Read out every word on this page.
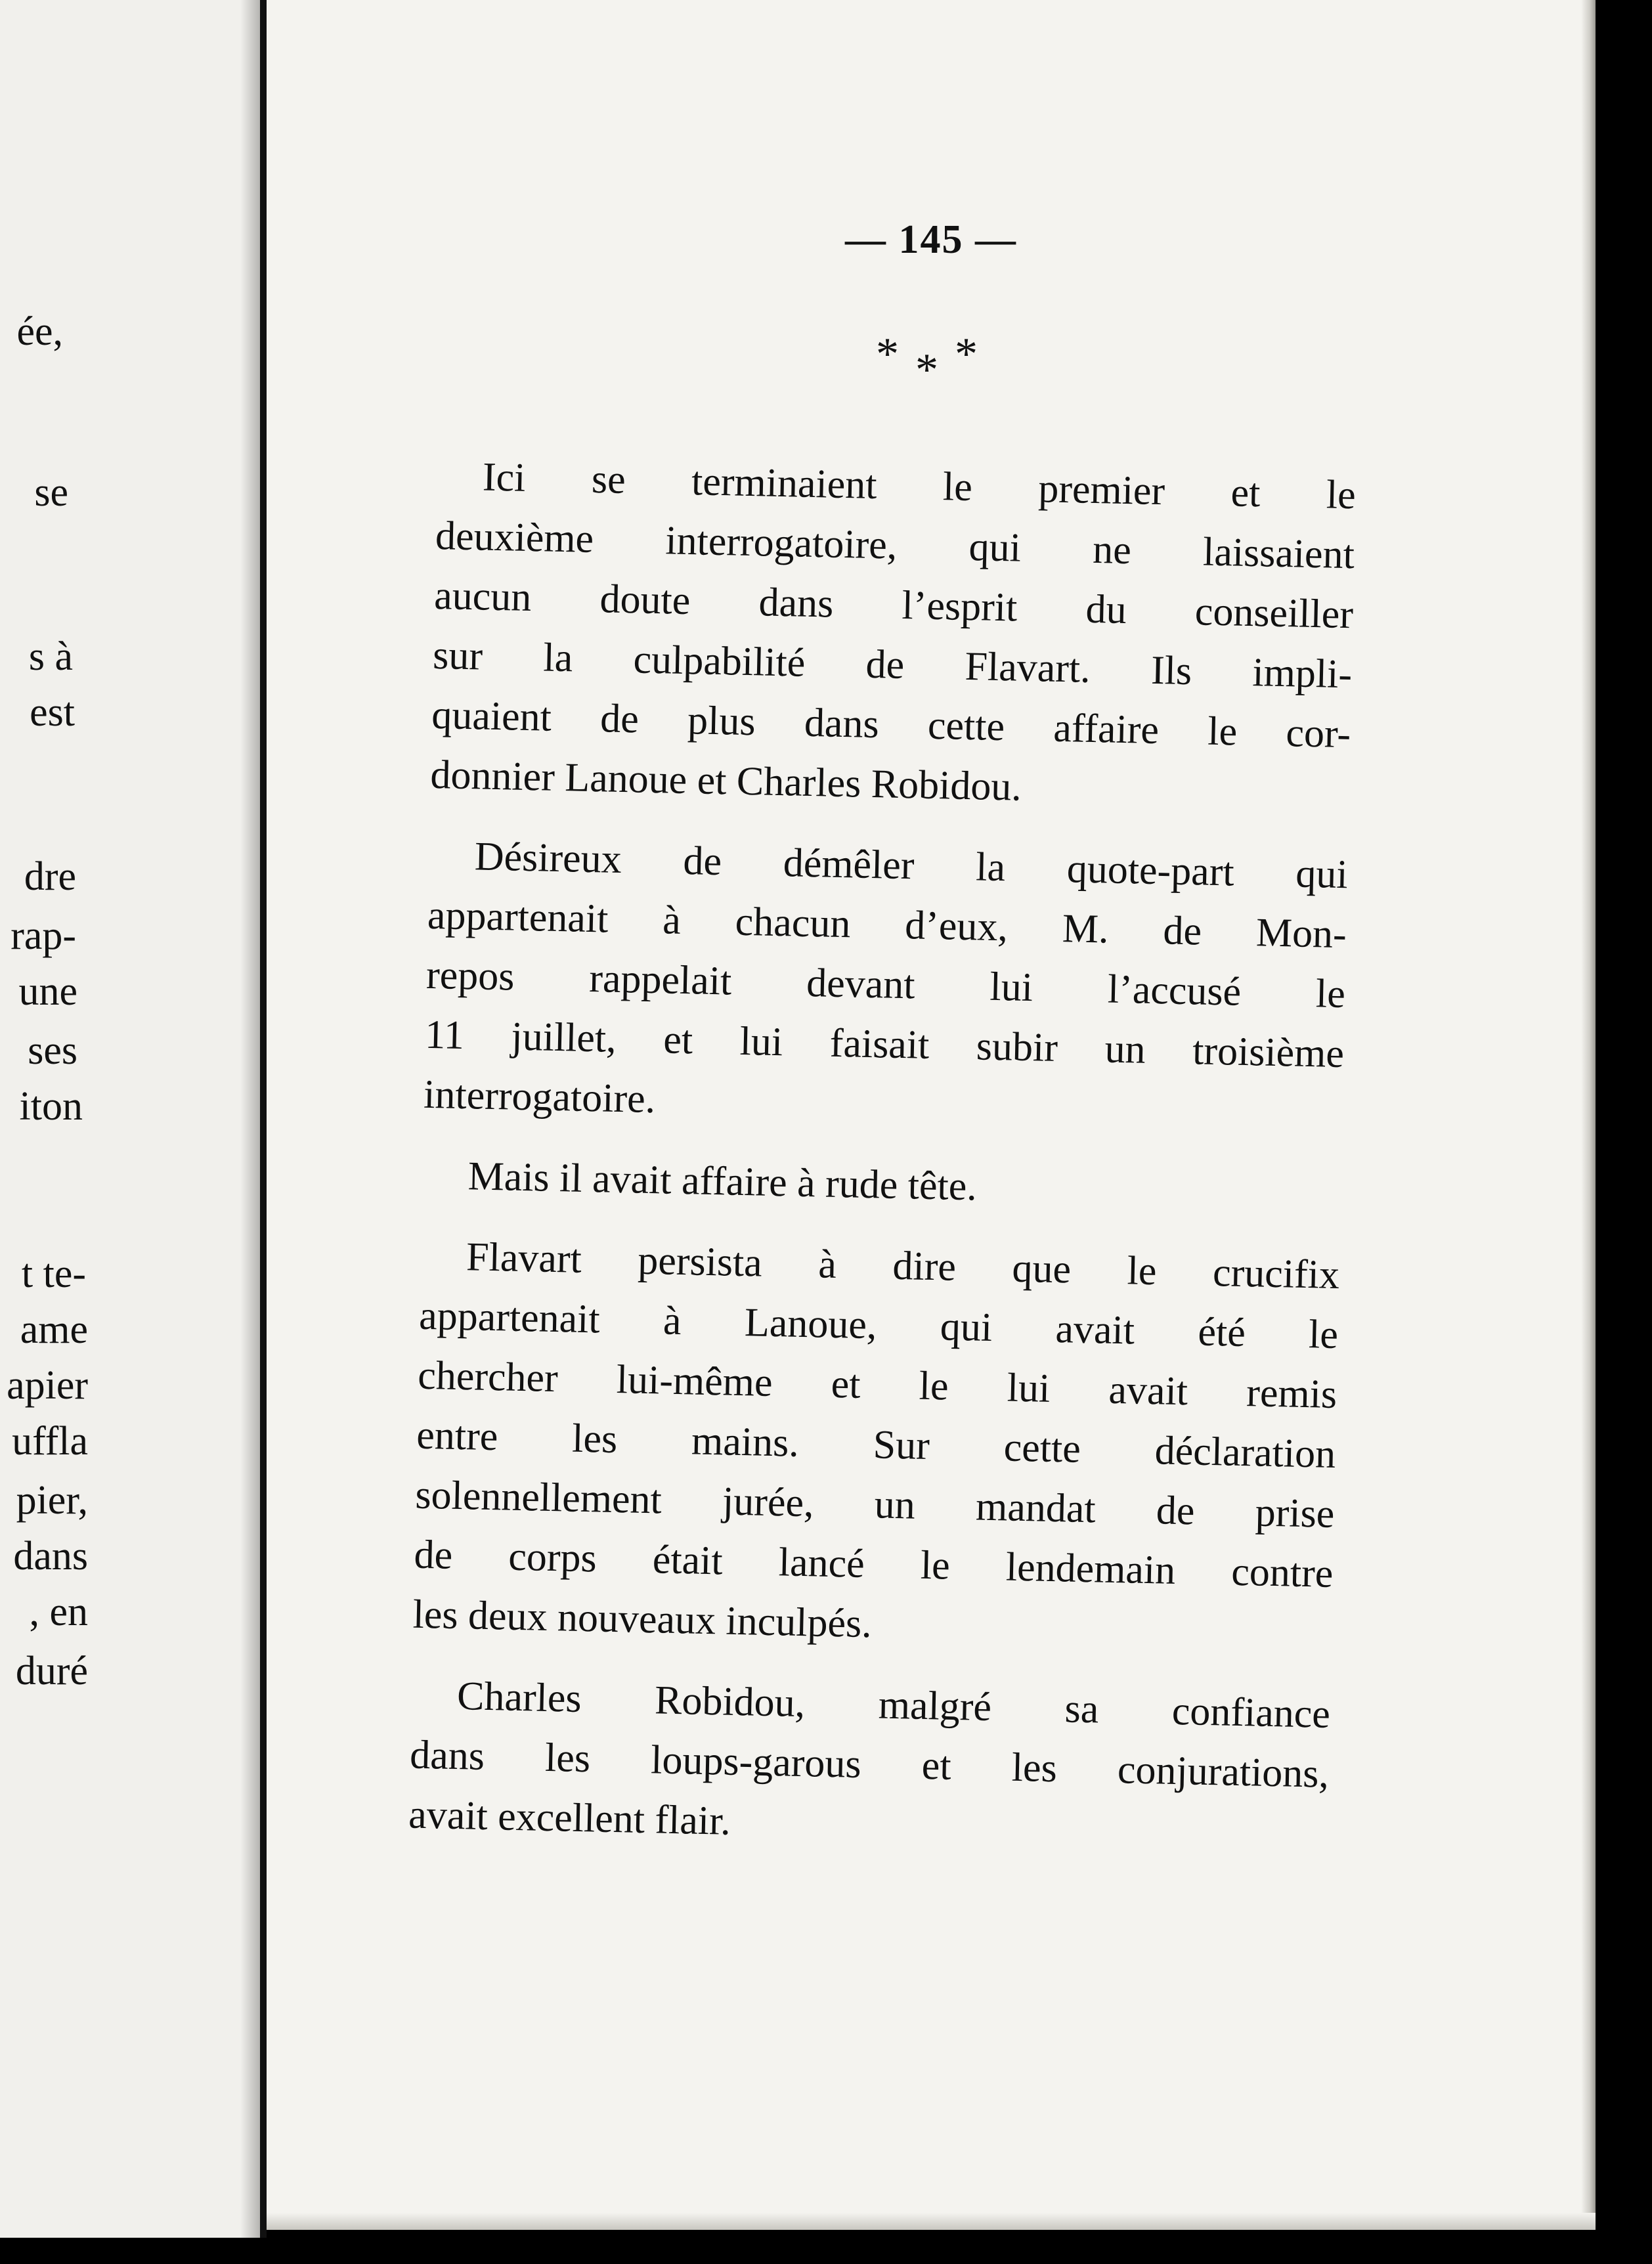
ée,
se
s à
est
dre
rap-
une
ses
iton
t te-
ame
apier
uffla
pier,
dans
, en
duré
— 145 —
* * *
Ici se terminaient le premier et le
deuxième interrogatoire, qui ne laissaient
aucun doute dans l’esprit du conseiller
sur la culpabilité de Flavart. Ils impli-
quaient de plus dans cette affaire le cor-
donnier Lanoue et Charles Robidou.
Désireux de démêler la quote-part qui
appartenait à chacun d’eux, M. de Mon-
repos rappelait devant lui l’accusé le
11 juillet, et lui faisait subir un troisième
interrogatoire.
Mais il avait affaire à rude tête.
Flavart persista à dire que le crucifix
appartenait à Lanoue, qui avait été le
chercher lui-même et le lui avait remis
entre les mains. Sur cette déclaration
solennellement jurée, un mandat de prise
de corps était lancé le lendemain contre
les deux nouveaux inculpés.
Charles Robidou, malgré sa confiance
dans les loups-garous et les conjurations,
avait excellent flair.
